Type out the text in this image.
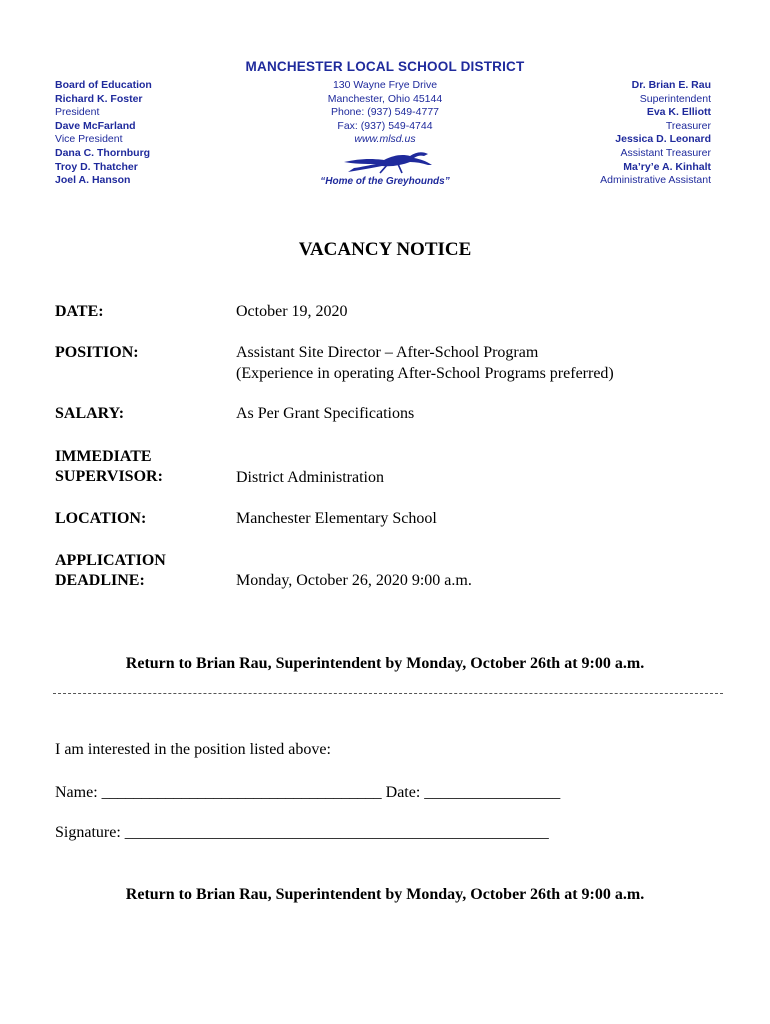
MANCHESTER LOCAL SCHOOL DISTRICT
Board of Education
Richard K. Foster
President
Dave McFarland
Vice President
Dana C. Thornburg
Troy D. Thatcher
Joel A. Hanson
130 Wayne Frye Drive
Manchester, Ohio 45144
Phone: (937) 549-4777
Fax: (937) 549-4744
www.mlsd.us
“Home of the Greyhounds”
Dr. Brian E. Rau
Superintendent
Eva K. Elliott
Treasurer
Jessica D. Leonard
Assistant Treasurer
Ma’ry’e A. Kinhalt
Administrative Assistant
VACANCY NOTICE
DATE:	October 19, 2020
POSITION:	Assistant Site Director – After-School Program
(Experience in operating After-School Programs preferred)
SALARY:	As Per Grant Specifications
IMMEDIATE
SUPERVISOR:	District Administration
LOCATION:	Manchester Elementary School
APPLICATION
DEADLINE:	Monday, October 26, 2020 9:00 a.m.
Return to Brian Rau, Superintendent by Monday, October 26th at 9:00 a.m.
I am interested in the position listed above:
Name: ___________________________________ Date: _________________
Signature: _____________________________________________________
Return to Brian Rau, Superintendent by Monday, October 26th at 9:00 a.m.
